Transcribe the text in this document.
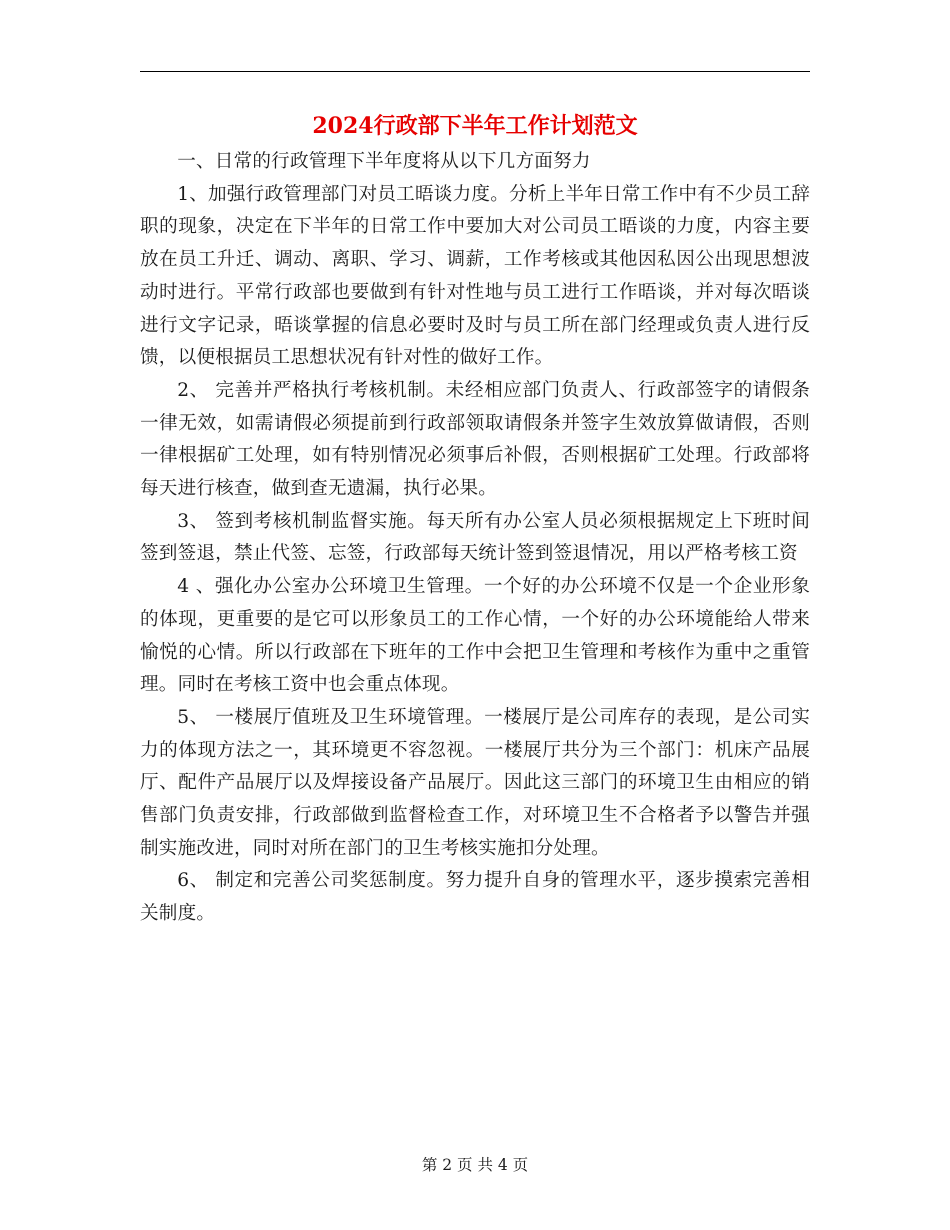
2024行政部下半年工作计划范文

一、日常的行政管理下半年度将从以下几方面努力

1、加强行政管理部门对员工晤谈力度。分析上半年日常工作中有不少员工辞职的现象，决定在下半年的日常工作中要加大对公司员工晤谈的力度，内容主要放在员工升迁、调动、离职、学习、调薪，工作考核或其他因私因公出现思想波动时进行。平常行政部也要做到有针对性地与员工进行工作晤谈，并对每次晤谈进行文字记录，晤谈掌握的信息必要时及时与员工所在部门经理或负责人进行反馈，以便根据员工思想状况有针对性的做好工作。

2、 完善并严格执行考核机制。未经相应部门负责人、行政部签字的请假条一律无效，如需请假必须提前到行政部领取请假条并签字生效放算做请假，否则一律根据矿工处理，如有特别情况必须事后补假，否则根据矿工处理。行政部将每天进行核查，做到查无遗漏，执行必果。

3、 签到考核机制监督实施。每天所有办公室人员必须根据规定上下班时间签到签退，禁止代签、忘签，行政部每天统计签到签退情况，用以严格考核工资

4 、强化办公室办公环境卫生管理。一个好的办公环境不仅是一个企业形象的体现，更重要的是它可以形象员工的工作心情，一个好的办公环境能给人带来愉悦的心情。所以行政部在下班年的工作中会把卫生管理和考核作为重中之重管理。同时在考核工资中也会重点体现。

5、 一楼展厅值班及卫生环境管理。一楼展厅是公司库存的表现，是公司实力的体现方法之一，其环境更不容忽视。一楼展厅共分为三个部门：机床产品展厅、配件产品展厅以及焊接设备产品展厅。因此这三部门的环境卫生由相应的销售部门负责安排，行政部做到监督检查工作，对环境卫生不合格者予以警告并强制实施改进，同时对所在部门的卫生考核实施扣分处理。

6、 制定和完善公司奖惩制度。努力提升自身的管理水平，逐步摸索完善相关制度。

第 2 页 共 4 页
